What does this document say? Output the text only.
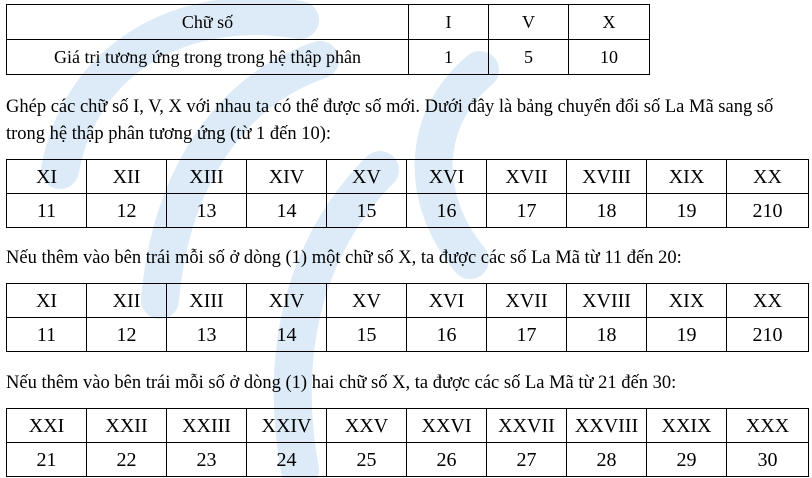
Chữ số	I	V	X
Giá trị tương ứng trong trong hệ thập phân	1	5	10

Ghép các chữ số I, V, X với nhau ta có thể được số mới. Dưới đây là bảng chuyển đổi số La Mã sang số trong hệ thập phân tương ứng (từ 1 đến 10):

XI	XII	XIII	XIV	XV	XVI	XVII	XVIII	XIX	XX
11	12	13	14	15	16	17	18	19	210

Nếu thêm vào bên trái mỗi số ở dòng (1) một chữ số X, ta được các số La Mã từ 11 đến 20:

XI	XII	XIII	XIV	XV	XVI	XVII	XVIII	XIX	XX
11	12	13	14	15	16	17	18	19	210

Nếu thêm vào bên trái mỗi số ở dòng (1) hai chữ số X, ta được các số La Mã từ 21 đến 30:

XXI	XXII	XXIII	XXIV	XXV	XXVI	XXVII	XXVIII	XXIX	XXX
21	22	23	24	25	26	27	28	29	30
